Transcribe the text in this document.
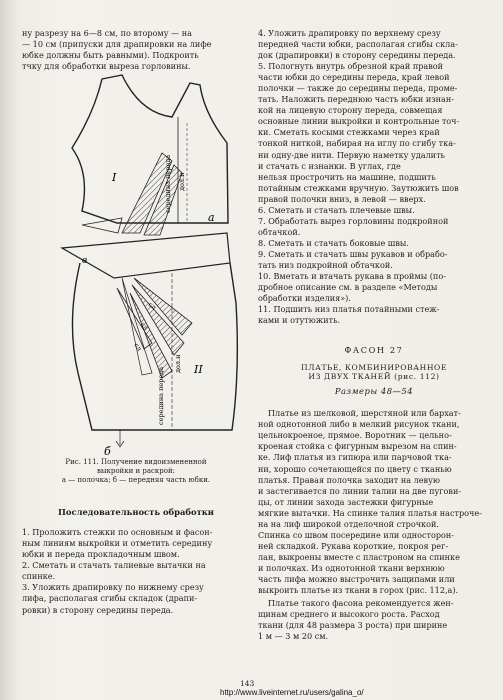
ну разрезу на 6—8 см, по второму — на

— 10 см (припуски для драпировки на лифе

юбке должны быть равными). Подкроить

тчку для обработки выреза горловины.

I
II
а
б
в
середина переда
середина переда
дол.н
дол.н
сл
сл
сл

Рис. 111. Получение видоизмененной

выкройки и раскрой:

а — полочка; б — передняя часть юбки.

Последовательность обработки

1. Проложить стежки по основным и фасон-

ным линиям выкройки и отметить середину

юбки и переда прокладочным швом.

2. Сметать и стачать талиевые вытачки на

спинке.

3. Уложить драпировку по нижнему срезу

лифа, располагая сгибы складок (драпи-

ровки) в сторону середины переда.

4. Уложить драпировку по верхнему срезу

передней части юбки, располагая сгибы скла-

док (драпировки) в сторону середины переда.

5. Пологнуть внутрь обрезной край правой

части юбки до середины переда, край левой

полочки — также до середины переда, проме-

тать. Наложить переднюю часть юбки изнан-

кой на лицевую сторону переда, совмещая

основные линии выкройки и контрольные точ-

ки. Сметать косыми стежками через край

тонкой ниткой, набирая на иглу по сгибу тка-

ни одну-две нити. Первую наметку удалить

и стачать с изнанки. В углах, где

нельзя прострочить на машине, подшить

потайным стежками вручную. Заутюжить шов

правой полочки вниз, в левой — вверх.

6. Сметать и стачать плечевые швы.

7. Обработать вырез горловины подкройной

обтачкой.

8. Сметать и стачать боковые швы.

9. Сметать и стачать швы рукавов и обрабо-

тать низ подкройной обтачкой.

10. Вметать и втачать рукава в проймы (по-

дробное описание см. в разделе «Методы

обработки изделия»).

11. Подшить низ платья потайными стеж-

ками и отутюжить.

ФАСОН 27

ПЛАТЬЕ, КОМБИНИРОВАННОЕ

ИЗ ДВУХ ТКАНЕЙ (рис. 112)

Размеры 48—54

Платье из шелковой, шерстяной или бархат-

ной однотонной либо в мелкий рисунок ткани,

цельнокроеное, прямое. Воротник — цельно-

кроеная стойка с фигурным вырезом на спин-

ке. Лиф платья из гипюра или парчовой тка-

ни, хорошо сочетающейся по цвету с тканью

платья. Правая полочка заходит на левую

и застегивается по линии талии на две пугови-

цы, от линии захода застежки фигурные

мягкие вытачки. На спинке талия платья настроче-

на на лиф широкой отделочной строчкой.

Спинка со швом посередине или односторон-

ней складкой. Рукава короткие, покроя рег-

лан, выкроены вместе с пластроном на спинке

и полочках. Из однотонной ткани верхнюю

часть лифа можно выстрочить защипами или

выкроить платье из ткани в горох (рис. 112,а).

Платье такого фасона рекомендуется жен-

щинам среднего и высокого роста. Расход

ткани (для 48 размера 3 роста) при ширине

1 м — 3 м 20 см.

143
http://www.liveinternet.ru/users/galina_o/
